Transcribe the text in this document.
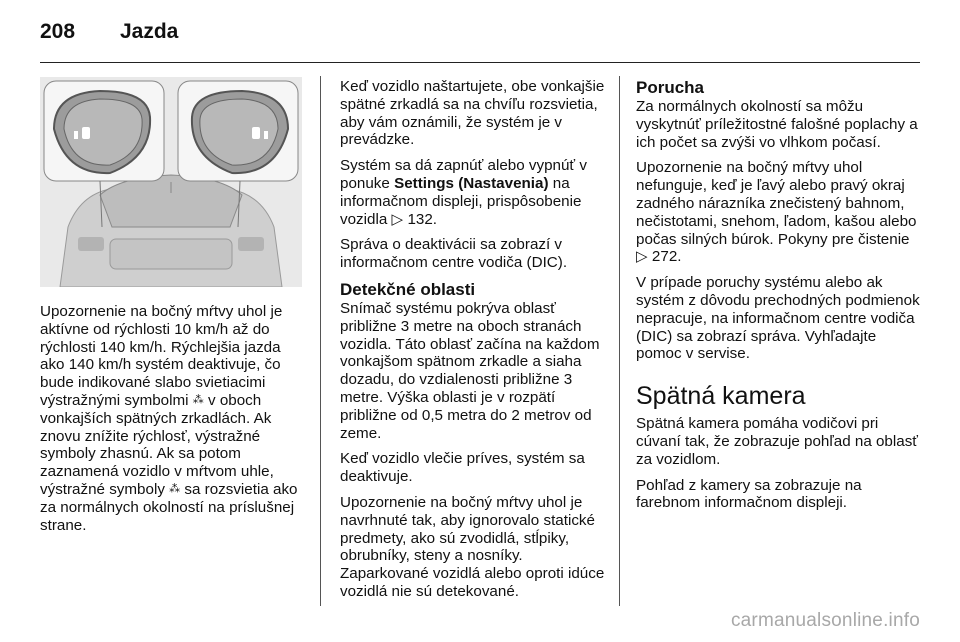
208	Jazda

Upozornenie na bočný mŕtvy uhol je aktívne od rýchlosti 10 km/h až do rýchlosti 140 km/h. Rýchlejšia jazda ako 140 km/h systém deaktivuje, čo bude indikované slabo svietiacimi výstražnými symbolmi ⁂ v oboch vonkajších spätných zrkadlách. Ak znovu znížite rýchlosť, výstražné symboly zhasnú. Ak sa potom zaznamená vozidlo v mŕtvom uhle, výstražné symboly ⁂ sa rozsvietia ako za normálnych okolností na príslušnej strane.

Keď vozidlo naštartujete, obe vonkajšie spätné zrkadlá sa na chvíľu rozsvietia, aby vám oznámili, že systém je v prevádzke.

Systém sa dá zapnúť alebo vypnúť v ponuke Settings (Nastavenia) na informačnom displeji, prispôsobenie vozidla ▷ 132.

Správa o deaktivácii sa zobrazí v informačnom centre vodiča (DIC).

Detekčné oblasti

Snímač systému pokrýva oblasť približne 3 metre na oboch stranách vozidla. Táto oblasť začína na každom vonkajšom spätnom zrkadle a siaha dozadu, do vzdialenosti približne 3 metre. Výška oblasti je v rozpätí približne od 0,5 metra do 2 metrov od zeme.

Keď vozidlo vlečie príves, systém sa deaktivuje.

Upozornenie na bočný mŕtvy uhol je navrhnuté tak, aby ignorovalo statické predmety, ako sú zvodidlá, stĺpiky, obrubníky, steny a nosníky. Zaparkované vozidlá alebo oproti idúce vozidlá nie sú detekované.

Porucha

Za normálnych okolností sa môžu vyskytnúť príležitostné falošné poplachy a ich počet sa zvýši vo vlhkom počasí.

Upozornenie na bočný mŕtvy uhol nefunguje, keď je ľavý alebo pravý okraj zadného nárazníka znečistený bahnom, nečistotami, snehom, ľadom, kašou alebo počas silných búrok. Pokyny pre čistenie ▷ 272.

V prípade poruchy systému alebo ak systém z dôvodu prechodných podmienok nepracuje, na informačnom centre vodiča (DIC) sa zobrazí správa. Vyhľadajte pomoc v servise.

Spätná kamera

Spätná kamera pomáha vodičovi pri cúvaní tak, že zobrazuje pohľad na oblasť za vozidlom.

Pohľad z kamery sa zobrazuje na farebnom informačnom displeji.

carmanualsonline.info
